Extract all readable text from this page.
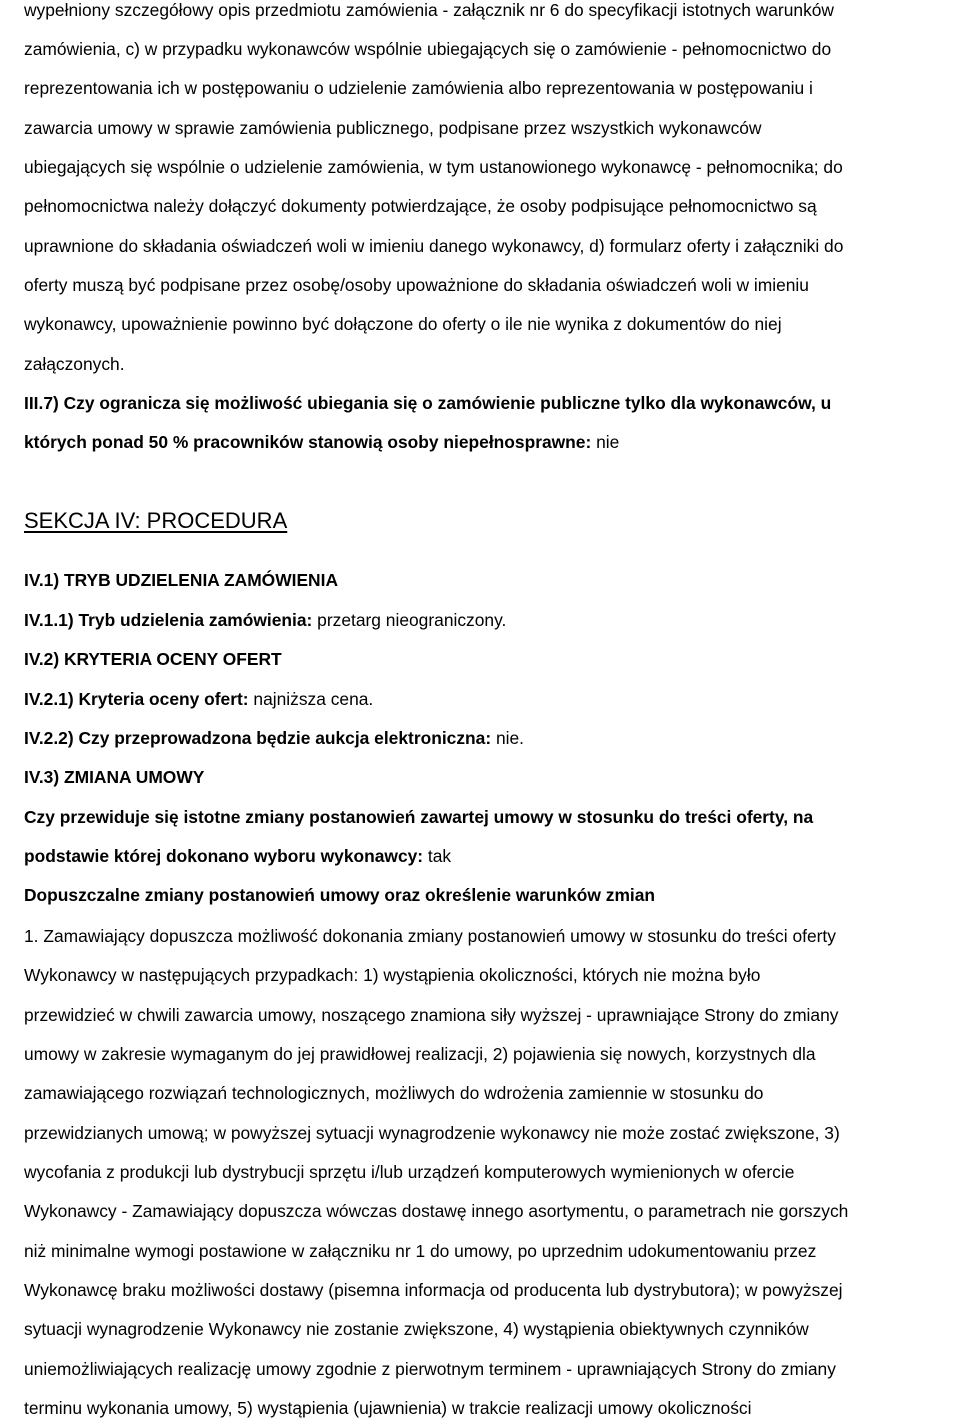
wypełniony szczegółowy opis przedmiotu zamówienia - załącznik nr 6 do specyfikacji istotnych warunków
zamówienia, c) w przypadku wykonawców wspólnie ubiegających się o zamówienie - pełnomocnictwo do
reprezentowania ich w postępowaniu o udzielenie zamówienia albo reprezentowania w postępowaniu i
zawarcia umowy w sprawie zamówienia publicznego, podpisane przez wszystkich wykonawców
ubiegających się wspólnie o udzielenie zamówienia, w tym ustanowionego wykonawcę - pełnomocnika; do
pełnomocnictwa należy dołączyć dokumenty potwierdzające, że osoby podpisujące pełnomocnictwo są
uprawnione do składania oświadczeń woli w imieniu danego wykonawcy, d) formularz oferty i załączniki do
oferty muszą być podpisane przez osobę/osoby upoważnione do składania oświadczeń woli w imieniu
wykonawcy, upoważnienie powinno być dołączone do oferty o ile nie wynika z dokumentów do niej
załączonych.
III.7) Czy ogranicza się możliwość ubiegania się o zamówienie publiczne tylko dla wykonawców, u
których ponad 50 % pracowników stanowią osoby niepełnosprawne: nie
SEKCJA IV: PROCEDURA
IV.1) TRYB UDZIELENIA ZAMÓWIENIA
IV.1.1) Tryb udzielenia zamówienia: przetarg nieograniczony.
IV.2) KRYTERIA OCENY OFERT
IV.2.1) Kryteria oceny ofert: najniższa cena.
IV.2.2) Czy przeprowadzona będzie aukcja elektroniczna: nie.
IV.3) ZMIANA UMOWY
Czy przewiduje się istotne zmiany postanowień zawartej umowy w stosunku do treści oferty, na
podstawie której dokonano wyboru wykonawcy: tak
Dopuszczalne zmiany postanowień umowy oraz określenie warunków zmian
1. Zamawiający dopuszcza możliwość dokonania zmiany postanowień umowy w stosunku do treści oferty
Wykonawcy w następujących przypadkach: 1) wystąpienia okoliczności, których nie można było
przewidzieć w chwili zawarcia umowy, noszącego znamiona siły wyższej - uprawniające Strony do zmiany
umowy w zakresie wymaganym do jej prawidłowej realizacji, 2) pojawienia się nowych, korzystnych dla
zamawiającego rozwiązań technologicznych, możliwych do wdrożenia zamiennie w stosunku do
przewidzianych umową; w powyższej sytuacji wynagrodzenie wykonawcy nie może zostać zwiększone, 3)
wycofania z produkcji lub dystrybucji sprzętu i/lub urządzeń komputerowych wymienionych w ofercie
Wykonawcy - Zamawiający dopuszcza wówczas dostawę innego asortymentu, o parametrach nie gorszych
niż minimalne wymogi postawione w załączniku nr 1 do umowy, po uprzednim udokumentowaniu przez
Wykonawcę braku możliwości dostawy (pisemna informacja od producenta lub dystrybutora); w powyższej
sytuacji wynagrodzenie Wykonawcy nie zostanie zwiększone, 4) wystąpienia obiektywnych czynników
uniemożliwiających realizację umowy zgodnie z pierwotnym terminem - uprawniających Strony do zmiany
terminu wykonania umowy, 5) wystąpienia (ujawnienia) w trakcie realizacji umowy okoliczności
